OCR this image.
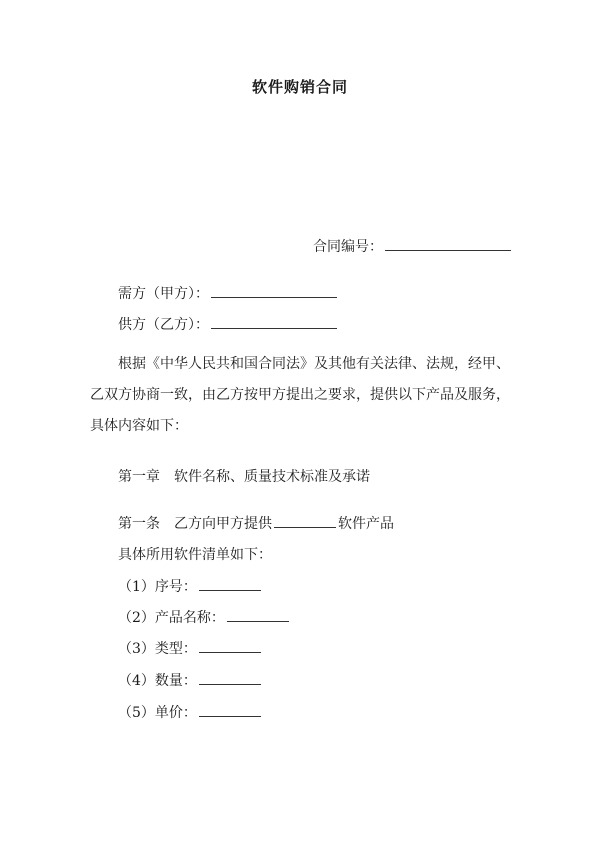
软件购销合同
合同编号：
需方（甲方）：
供方（乙方）：
根据《中华人民共和国合同法》及其他有关法律、法规，经甲、乙双方协商一致，由乙方按甲方提出之要求，提供以下产品及服务，具体内容如下：
第一章 软件名称、质量技术标准及承诺
第一条 乙方向甲方提供	软件产品
具体所用软件清单如下：
（1）序号：
（2）产品名称：
（3）类型：
（4）数量：
（5）单价：
